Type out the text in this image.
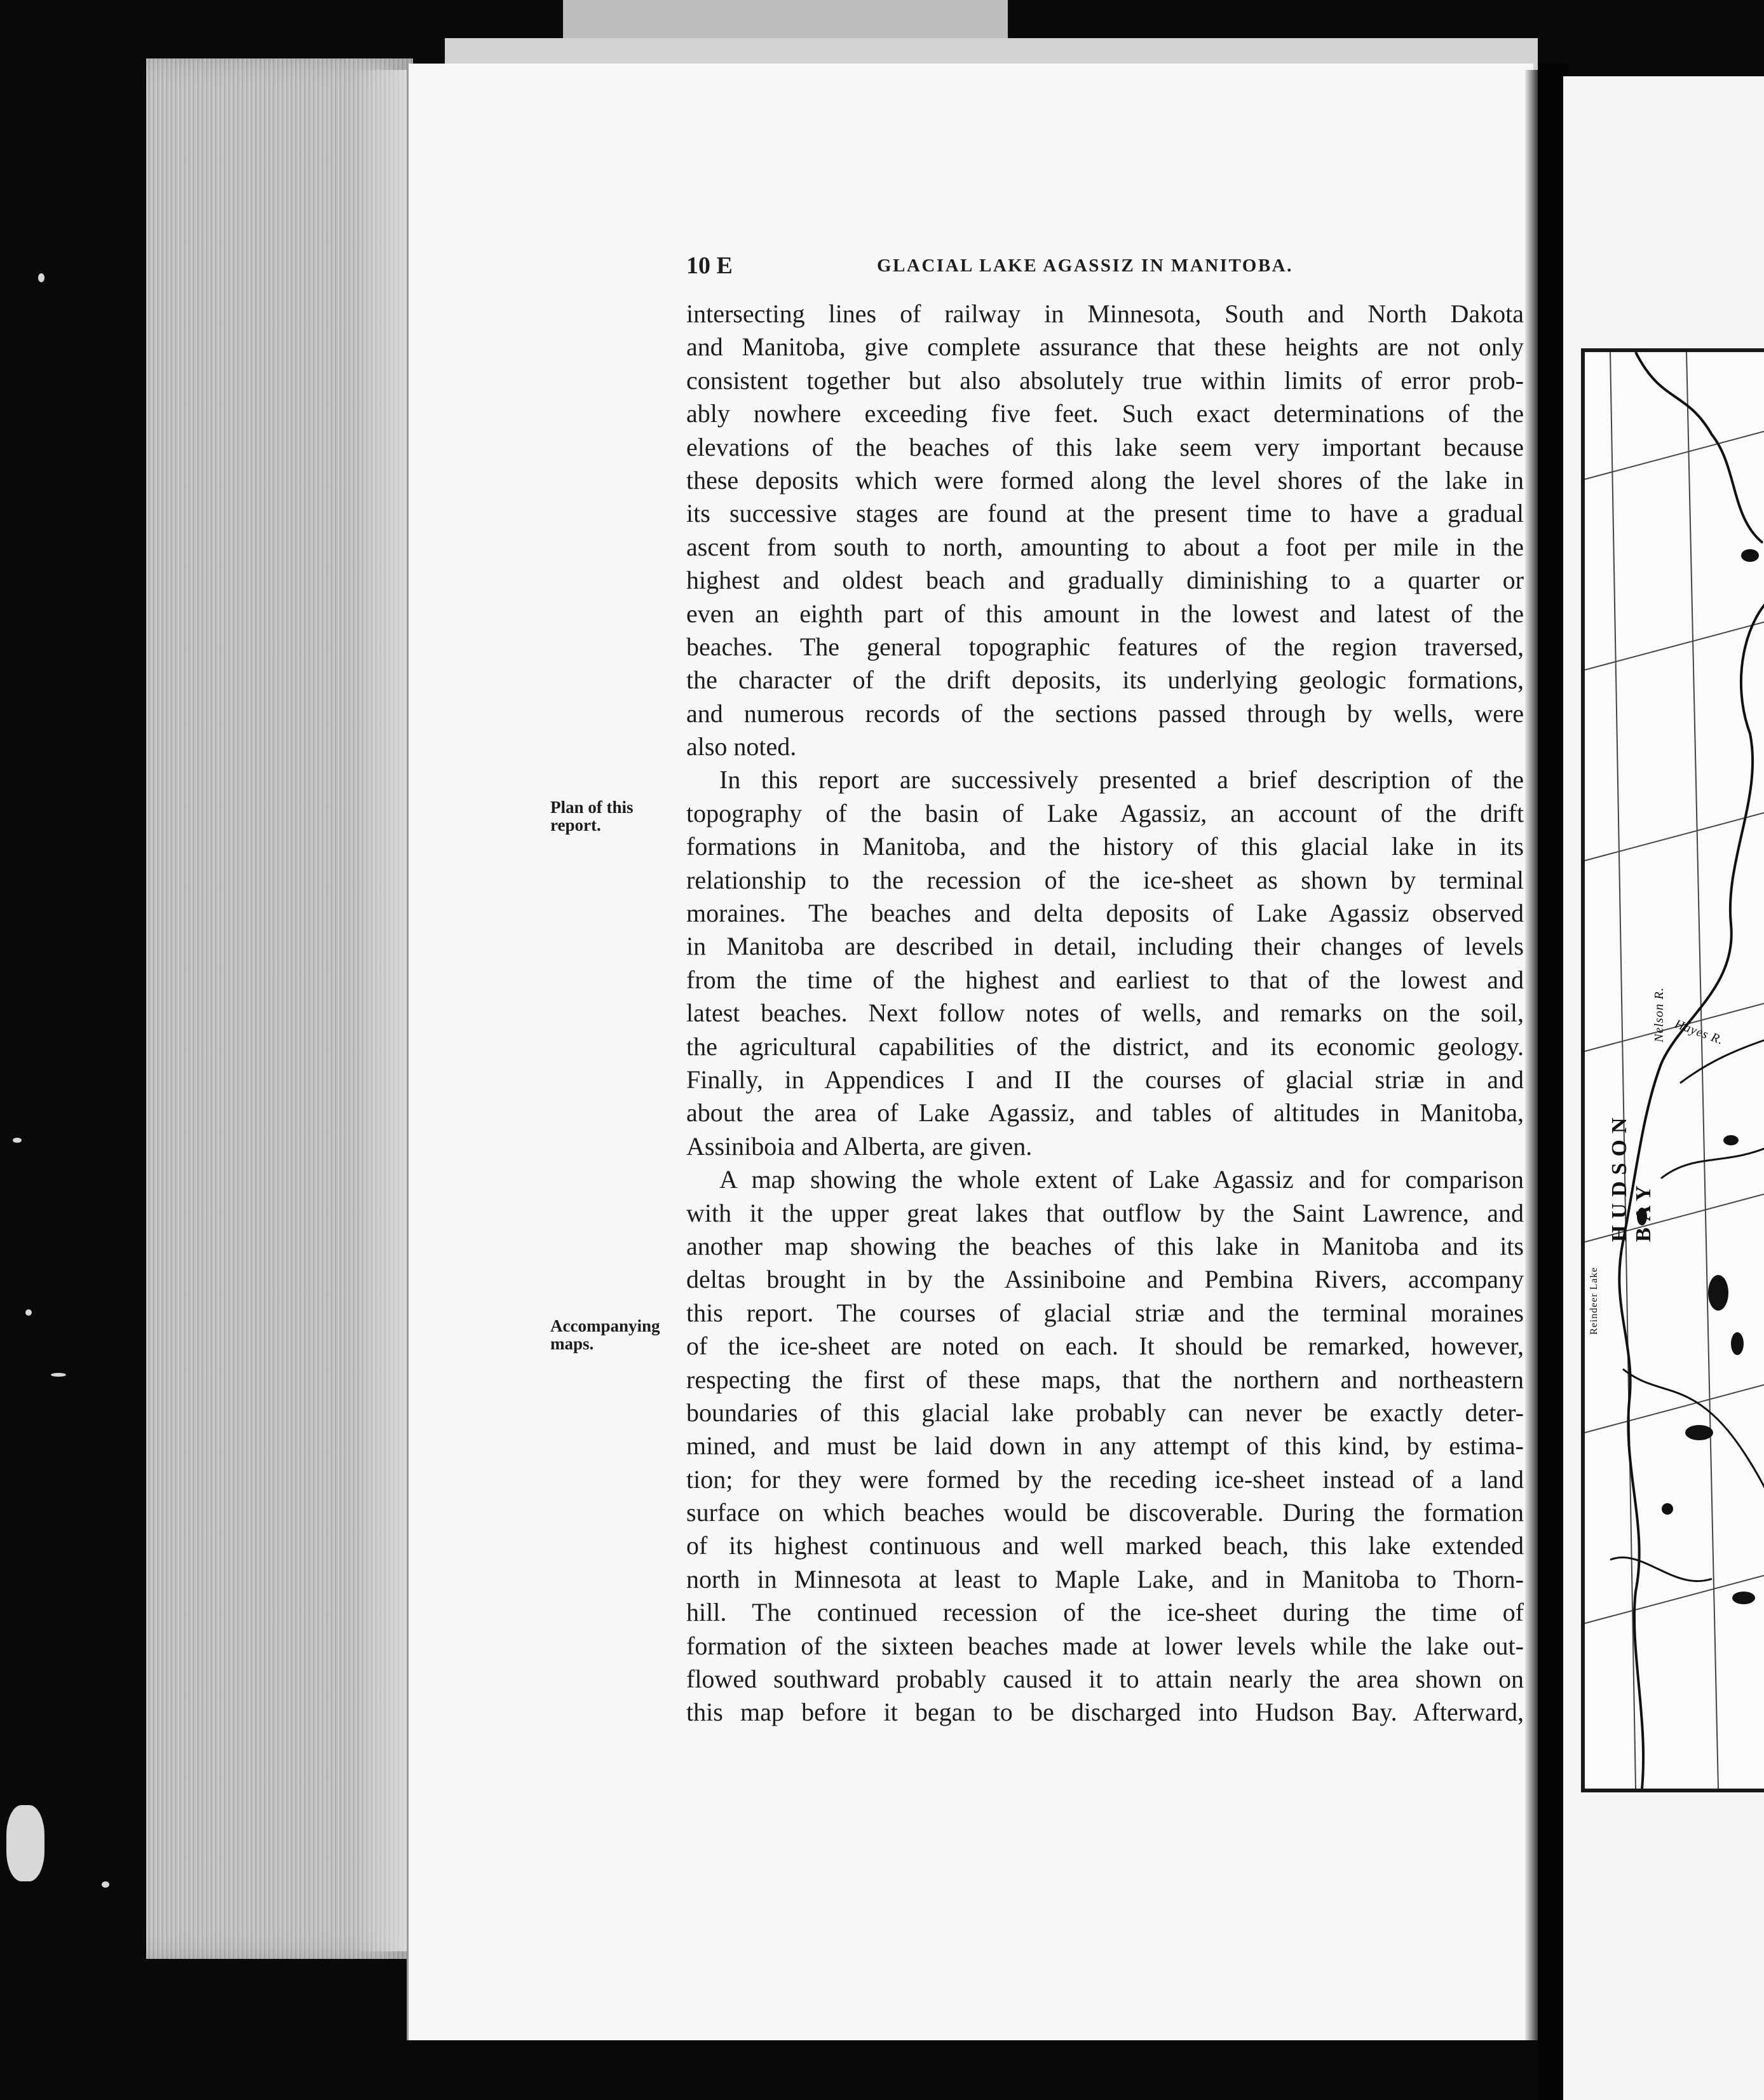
HUDSON BAY
10 E	GLACIAL LAKE AGASSIZ IN MANITOBA.
Plan of this report.
Accompanying maps.
intersecting lines of railway in Minnesota, South and North Dakota
and Manitoba, give complete assurance that these heights are not only
consistent together but also absolutely true within limits of error prob-
ably nowhere exceeding five feet. Such exact determinations of the
elevations of the beaches of this lake seem very important because
these deposits which were formed along the level shores of the lake in
its successive stages are found at the present time to have a gradual
ascent from south to north, amounting to about a foot per mile in the
highest and oldest beach and gradually diminishing to a quarter or
even an eighth part of this amount in the lowest and latest of the
beaches. The general topographic features of the region traversed,
the character of the drift deposits, its underlying geologic formations,
and numerous records of the sections passed through by wells, were
also noted.
In this report are successively presented a brief description of the
topography of the basin of Lake Agassiz, an account of the drift
formations in Manitoba, and the history of this glacial lake in its
relationship to the recession of the ice-sheet as shown by terminal
moraines. The beaches and delta deposits of Lake Agassiz observed
in Manitoba are described in detail, including their changes of levels
from the time of the highest and earliest to that of the lowest and
latest beaches. Next follow notes of wells, and remarks on the soil,
the agricultural capabilities of the district, and its economic geology.
Finally, in Appendices I and II the courses of glacial striæ in and
about the area of Lake Agassiz, and tables of altitudes in Manitoba,
Assiniboia and Alberta, are given.
A map showing the whole extent of Lake Agassiz and for comparison
with it the upper great lakes that outflow by the Saint Lawrence, and
another map showing the beaches of this lake in Manitoba and its
deltas brought in by the Assiniboine and Pembina Rivers, accompany
this report. The courses of glacial striæ and the terminal moraines
of the ice-sheet are noted on each. It should be remarked, however,
respecting the first of these maps, that the northern and northeastern
boundaries of this glacial lake probably can never be exactly deter-
mined, and must be laid down in any attempt of this kind, by estima-
tion; for they were formed by the receding ice-sheet instead of a land
surface on which beaches would be discoverable. During the formation
of its highest continuous and well marked beach, this lake extended
north in Minnesota at least to Maple Lake, and in Manitoba to Thorn-
hill. The continued recession of the ice-sheet during the time of
formation of the sixteen beaches made at lower levels while the lake out-
flowed southward probably caused it to attain nearly the area shown on
this map before it began to be discharged into Hudson Bay. Afterward,
Nelson R. Hayes R.
Reindeer Lake
